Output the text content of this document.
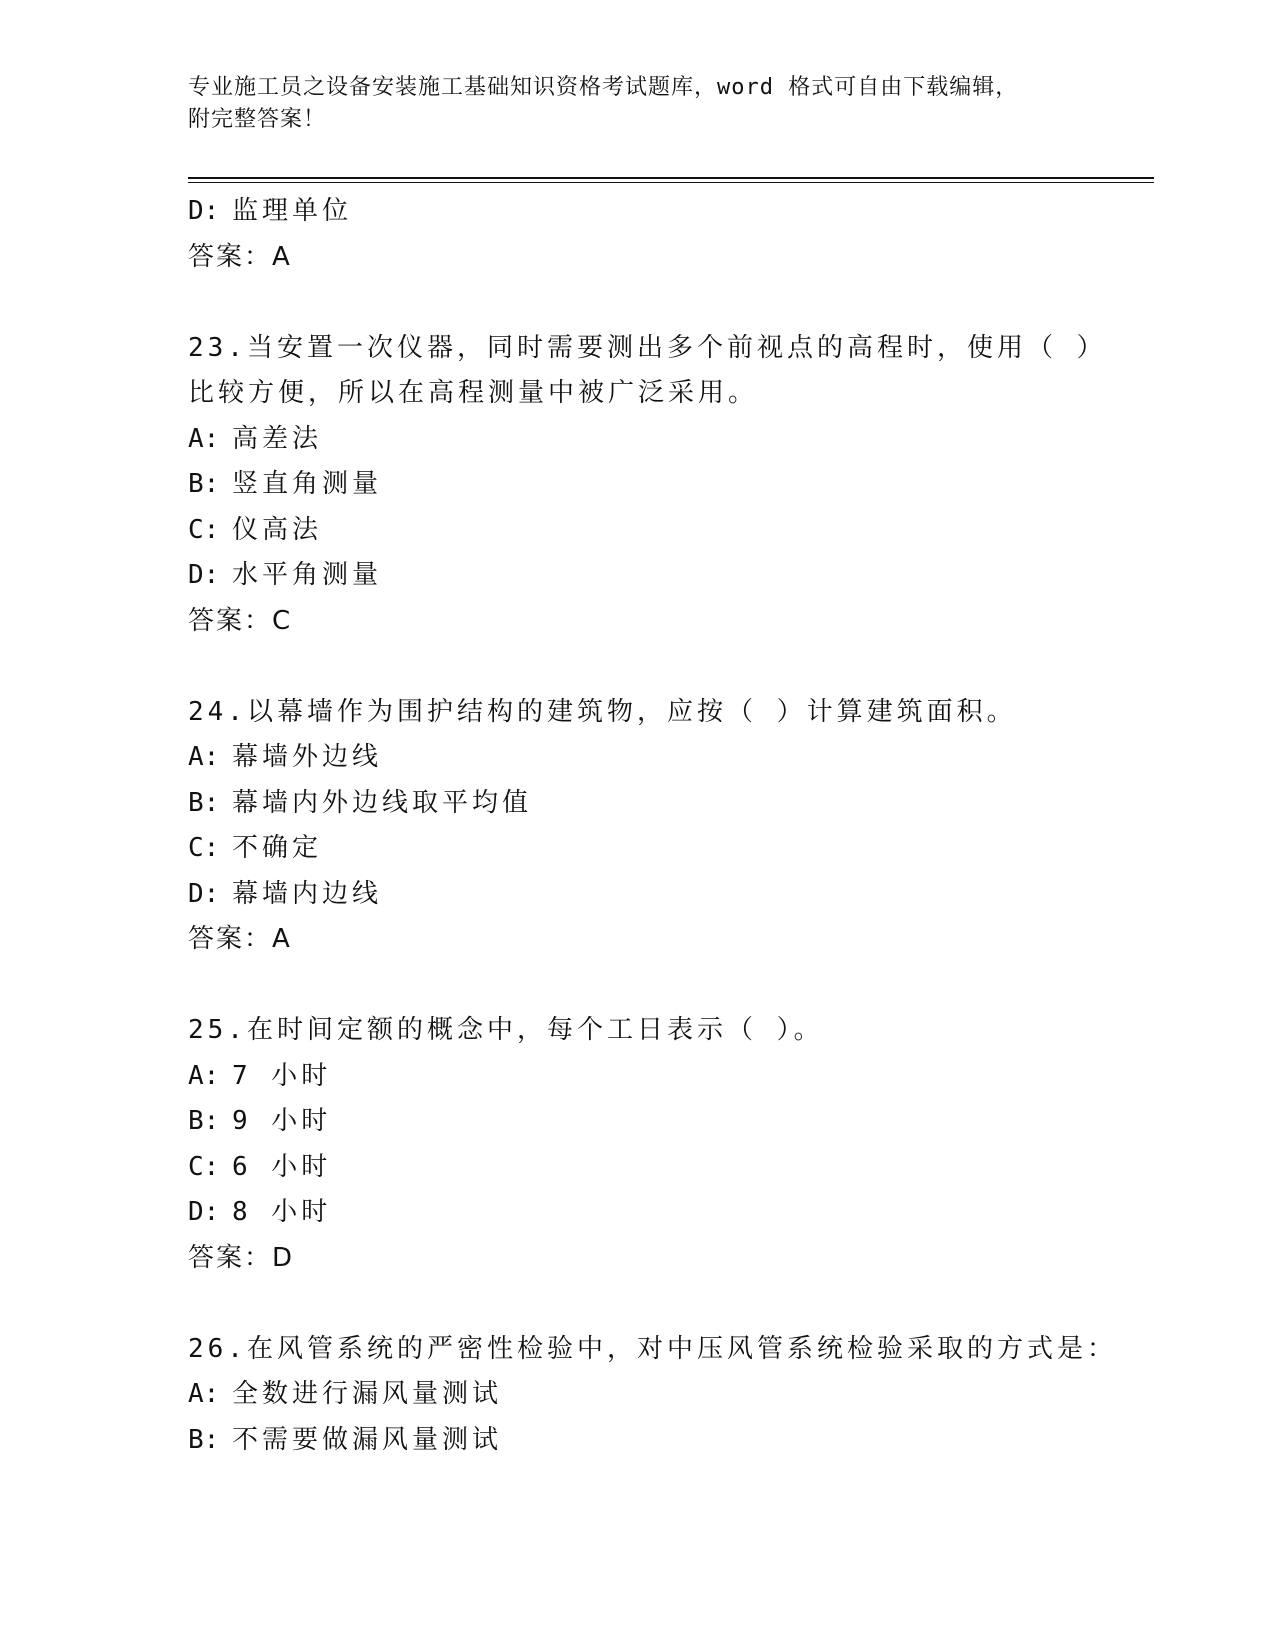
专业施工员之设备安装施工基础知识资格考试题库，word 格式可自由下载编辑，
附完整答案！
D: 监理单位
答案：A
23.当安置一次仪器，同时需要测出多个前视点的高程时，使用（ ）
比较方便，所以在高程测量中被广泛采用。
A: 高差法
B: 竖直角测量
C: 仪高法
D: 水平角测量
答案：C
24.以幕墙作为围护结构的建筑物，应按（ ）计算建筑面积。
A: 幕墙外边线
B: 幕墙内外边线取平均值
C: 不确定
D: 幕墙内边线
答案：A
25.在时间定额的概念中，每个工日表示（ ）。
A: 7 小时
B: 9 小时
C: 6 小时
D: 8 小时
答案：D
26.在风管系统的严密性检验中，对中压风管系统检验采取的方式是：
A: 全数进行漏风量测试
B: 不需要做漏风量测试
